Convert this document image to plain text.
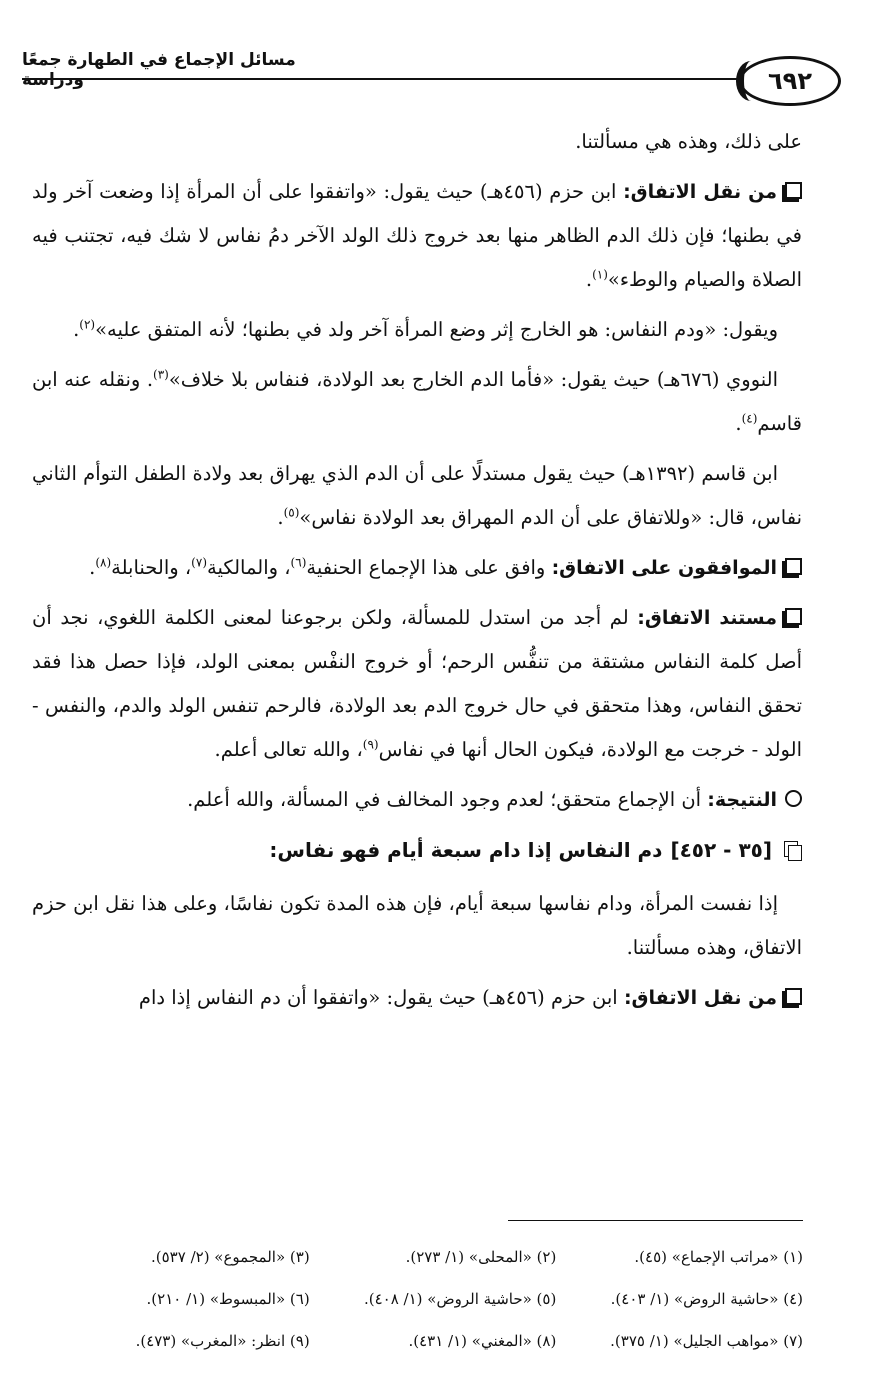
مسائل الإجماع في الطهارة جمعًا ودراسة	٦٩٢

على ذلك، وهذه هي مسألتنا.

من نقل الاتفاق: ابن حزم (٤٥٦هـ) حيث يقول: «واتفقوا على أن المرأة إذا وضعت آخر ولد في بطنها؛ فإن ذلك الدم الظاهر منها بعد خروج ذلك الولد الآخر دمُ نفاس لا شك فيه، تجتنب فيه الصلاة والصيام والوطء»$^{(١)}$.

ويقول: «ودم النفاس: هو الخارج إثر وضع المرأة آخر ولد في بطنها؛ لأنه المتفق عليه»$^{(٢)}$.

النووي (٦٧٦هـ) حيث يقول: «فأما الدم الخارج بعد الولادة، فنفاس بلا خلاف»$^{(٣)}$. ونقله عنه ابن قاسم$^{(٤)}$.

ابن قاسم (١٣٩٢هـ) حيث يقول مستدلًا على أن الدم الذي يهراق بعد ولادة الطفل التوأم الثاني نفاس، قال: «وللاتفاق على أن الدم المهراق بعد الولادة نفاس»$^{(٥)}$.

الموافقون على الاتفاق: وافق على هذا الإجماع الحنفية$^{(٦)}$، والمالكية$^{(٧)}$، والحنابلة$^{(٨)}$.

مستند الاتفاق: لم أجد من استدل للمسألة، ولكن برجوعنا لمعنى الكلمة اللغوي، نجد أن أصل كلمة النفاس مشتقة من تنفُّس الرحم؛ أو خروج النفْس بمعنى الولد، فإذا حصل هذا فقد تحقق النفاس، وهذا متحقق في حال خروج الدم بعد الولادة، فالرحم تنفس الولد والدم، والنفس - الولد - خرجت مع الولادة، فيكون الحال أنها في نفاس$^{(٩)}$، والله تعالى أعلم.

النتيجة: أن الإجماع متحقق؛ لعدم وجود المخالف في المسألة، والله أعلم.

[٣٥ - ٤٥٢]
دم النفاس إذا دام سبعة أيام فهو نفاس:

إذا نفست المرأة، ودام نفاسها سبعة أيام، فإن هذه المدة تكون نفاسًا، وعلى هذا نقل ابن حزم الاتفاق، وهذه مسألتنا.

من نقل الاتفاق: ابن حزم (٤٥٦هـ) حيث يقول: «واتفقوا أن دم النفاس إذا دام

(١) «مراتب الإجماع» (٤٥).
(٢) «المحلى» (١/ ٢٧٣).
(٣) «المجموع» (٢/ ٥٣٧).
(٤) «حاشية الروض» (١/ ٤٠٣).
(٥) «حاشية الروض» (١/ ٤٠٨).
(٦) «المبسوط» (١/ ٢١٠).
(٧) «مواهب الجليل» (١/ ٣٧٥).
(٨) «المغني» (١/ ٤٣١).
(٩) انظر: «المغرب» (٤٧٣).
